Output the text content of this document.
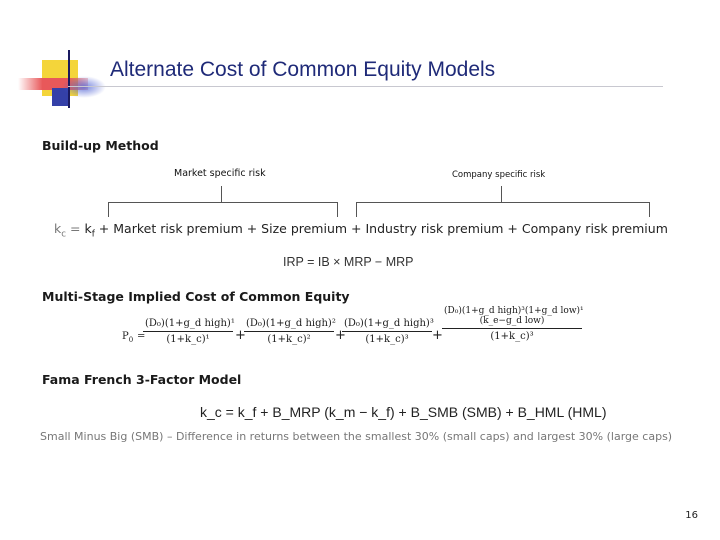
Alternate Cost of Common Equity Models
Build-up Method
Market specific risk	Company specific risk
$k_c = k_f$ + Market risk premium + Size premium + Industry risk premium + Company risk premium
IRP = IB × MRP − MRP
Multi-Stage Implied Cost of Common Equity
$P_0$ =
(D₀)(1+g_d high)¹
(1+k_c)¹	+
(D₀)(1+g_d high)²
(1+k_c)²	+
(D₀)(1+g_d high)³
(1+k_c)³	+
(D₀)(1+g_d high)³(1+g_d low)¹
(k_e−g_d low)
(1+k_c)³
Fama French 3-Factor Model
k_c = k_f + B_MRP (k_m − k_f) + B_SMB (SMB) + B_HML (HML)
$^{Small Minus Big (SMB) - Difference in returns between the smallest 30\% (small caps) and largest 30\% (large caps)}$
16
